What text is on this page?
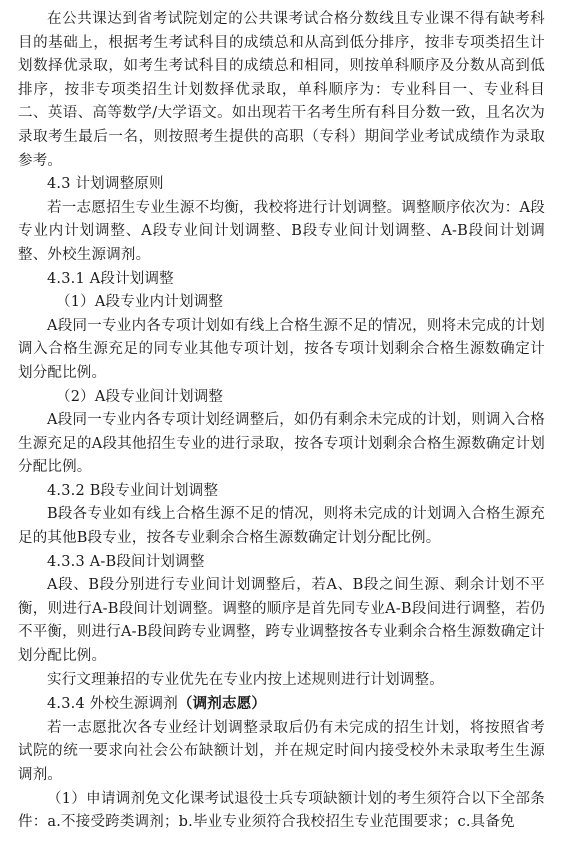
在公共课达到省考试院划定的公共课考试合格分数线且专业课不得有缺考科目的基础上，根据考生考试科目的成绩总和从高到低分排序，按非专项类招生计划数择优录取，如考生考试科目的成绩总和相同，则按单科顺序及分数从高到低排序，按非专项类招生计划数择优录取，单科顺序为：专业科目一、专业科目二、英语、高等数学/大学语文。如出现若干名考生所有科目分数一致，且名次为录取考生最后一名，则按照考生提供的高职（专科）期间学业考试成绩作为录取参考。

4.3 计划调整原则

若一志愿招生专业生源不均衡，我校将进行计划调整。调整顺序依次为：A段专业内计划调整、A段专业间计划调整、B段专业间计划调整、A-B段间计划调整、外校生源调剂。

4.3.1 A段计划调整

（1）A段专业内计划调整

A段同一专业内各专项计划如有线上合格生源不足的情况，则将未完成的计划调入合格生源充足的同专业其他专项计划，按各专项计划剩余合格生源数确定计划分配比例。

（2）A段专业间计划调整

A段同一专业内各专项计划经调整后，如仍有剩余未完成的计划，则调入合格生源充足的A段其他招生专业的进行录取，按各专项计划剩余合格生源数确定计划分配比例。

4.3.2 B段专业间计划调整

B段各专业如有线上合格生源不足的情况，则将未完成的计划调入合格生源充足的其他B段专业，按各专业剩余合格生源数确定计划分配比例。

4.3.3 A-B段间计划调整

A段、B段分别进行专业间计划调整后，若A、B段之间生源、剩余计划不平衡，则进行A-B段间计划调整。调整的顺序是首先同专业A-B段间进行调整，若仍不平衡，则进行A-B段间跨专业调整，跨专业调整按各专业剩余合格生源数确定计划分配比例。

实行文理兼招的专业优先在专业内按上述规则进行计划调整。

4.3.4 外校生源调剂（调剂志愿）

若一志愿批次各专业经计划调整录取后仍有未完成的招生计划，将按照省考试院的统一要求向社会公布缺额计划，并在规定时间内接受校外未录取考生生源调剂。

（1）申请调剂免文化课考试退役士兵专项缺额计划的考生须符合以下全部条件：a.不接受跨类调剂；b.毕业专业须符合我校招生专业范围要求；c.具备免
